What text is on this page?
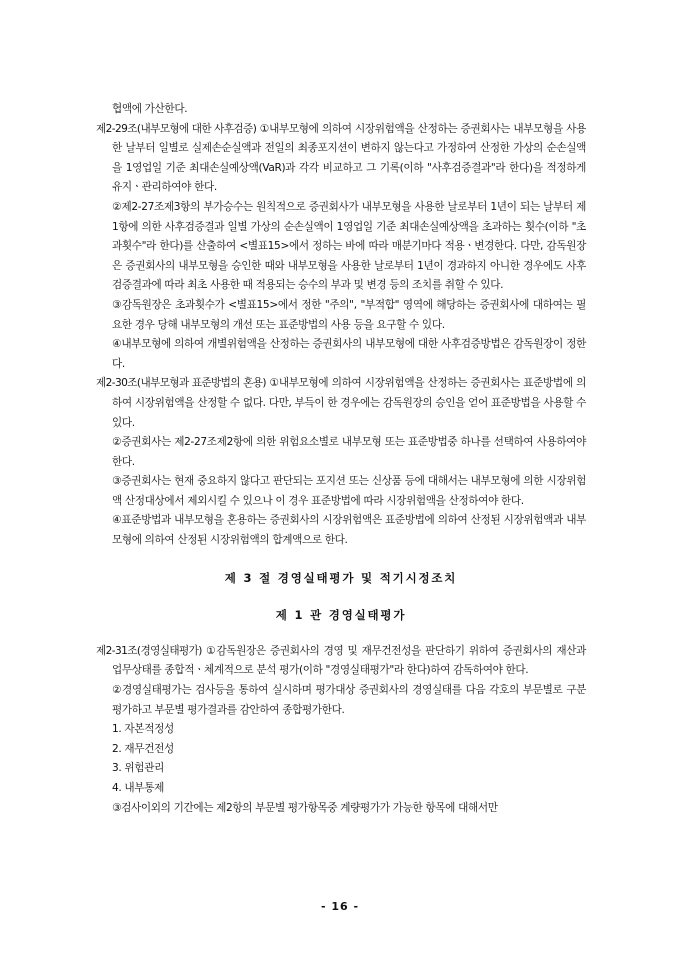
협액에 가산한다.

제2-29조(내부모형에 대한 사후검증) ①내부모형에 의하여 시장위험액을 산정하는 증권회사는 내부모형을 사용한 날부터 일별로 실제손순실액과 전일의 최종포지션이 변하지 않는다고 가정하여 산정한 가상의 순손실액을 1영업일 기준 최대손실예상액(VaR)과 각각 비교하고 그 기록(이하 "사후검증결과"라 한다)을 적정하게 유지ㆍ관리하여야 한다.

②제2-27조제3항의 부가승수는 원칙적으로 증권회사가 내부모형을 사용한 날로부터 1년이 되는 날부터 제1항에 의한 사후검증결과 일별 가상의 순손실액이 1영업일 기준 최대손실예상액을 초과하는 횟수(이하 "초과횟수"라 한다)를 산출하여 <별표15>에서 정하는 바에 따라 매분기마다 적용ㆍ변경한다. 다만, 감독원장은 증권회사의 내부모형을 승인한 때와 내부모형을 사용한 날로부터 1년이 경과하지 아니한 경우에도 사후검증결과에 따라 최초 사용한 때 적용되는 승수의 부과 및 변경 등의 조치를 취할 수 있다.

③감독원장은 초과횟수가 <별표15>에서 정한 "주의", "부적합" 영역에 해당하는 증권회사에 대하여는 필요한 경우 당해 내부모형의 개선 또는 표준방법의 사용 등을 요구할 수 있다.

④내부모형에 의하여 개별위험액을 산정하는 증권회사의 내부모형에 대한 사후검증방법은 감독원장이 정한다.

제2-30조(내부모형과 표준방법의 혼용) ①내부모형에 의하여 시장위험액을 산정하는 증권회사는 표준방법에 의하여 시장위험액을 산정할 수 없다. 다만, 부득이 한 경우에는 감독원장의 승인을 얻어 표준방법을 사용할 수 있다.

②증권회사는 제2-27조제2항에 의한 위험요소별로 내부모형 또는 표준방법중 하나를 선택하여 사용하여야 한다.

③증권회사는 현재 중요하지 않다고 판단되는 포지션 또는 신상품 등에 대해서는 내부모형에 의한 시장위험액 산정대상에서 제외시킬 수 있으나 이 경우 표준방법에 따라 시장위험액을 산정하여야 한다.

④표준방법과 내부모형을 혼용하는 증권회사의 시장위험액은 표준방법에 의하여 산정된 시장위험액과 내부모형에 의하여 산정된 시장위험액의 합계액으로 한다.

제 3 절 경영실태평가 및 적기시정조치
제 1 관 경영실태평가

제2-31조(경영실태평가) ①감독원장은 증권회사의 경영 및 재무건전성을 판단하기 위하여 증권회사의 재산과 업무상태를 종합적ㆍ체계적으로 분석 평가(이하 "경영실태평가"라 한다)하여 감독하여야 한다.

②경영실태평가는 검사등을 통하여 실시하며 평가대상 증권회사의 경영실태를 다음 각호의 부문별로 구분 평가하고 부문별 평가결과를 감안하여 종합평가한다.

1. 자본적정성
2. 재무건전성
3. 위험관리
4. 내부통제

③검사이외의 기간에는 제2항의 부문별 평가항목중 계량평가가 가능한 항목에 대해서만

- 16 -
